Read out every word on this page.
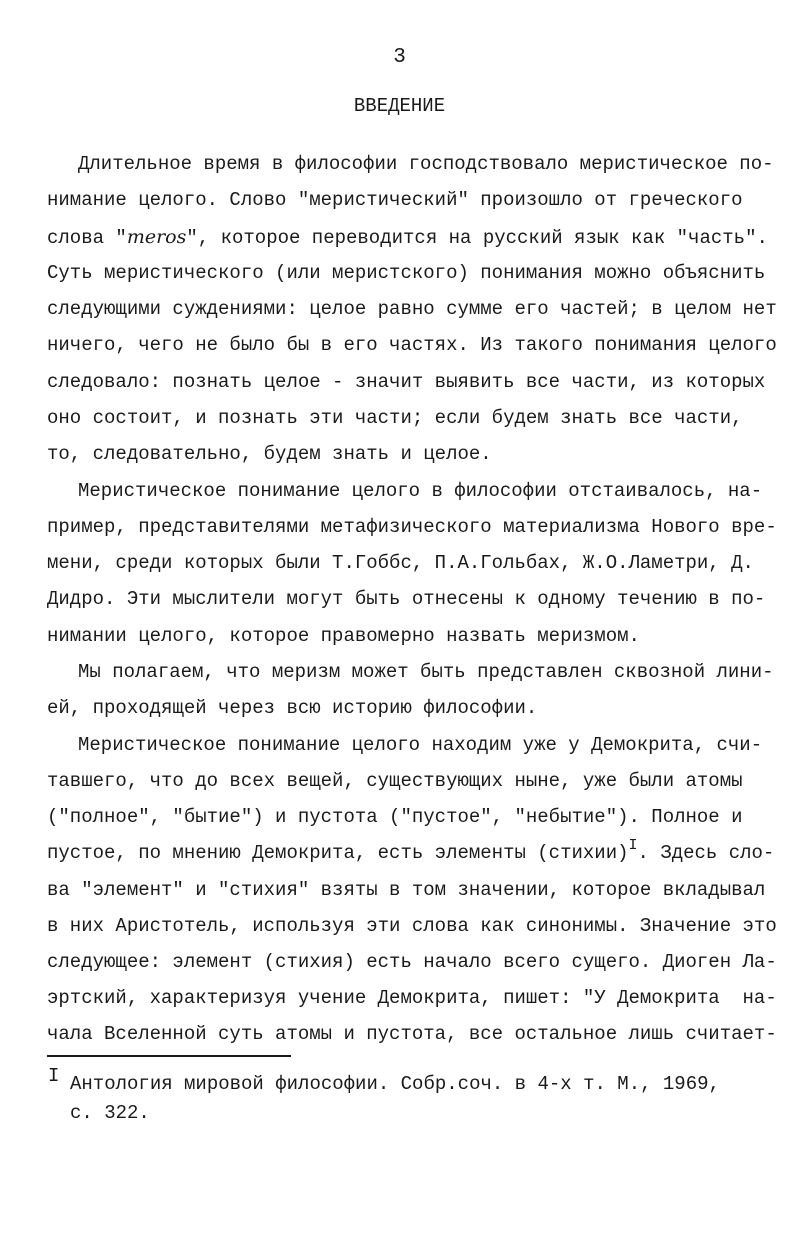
3
ВВЕДЕНИЕ
Длительное время в философии господствовало меристическое по-
нимание целого. Слово "меристический" произошло от греческого
слова "meros", которое переводится на русский язык как "часть".
Суть меристического (или меристского) понимания можно объяснить
следующими суждениями: целое равно сумме его частей; в целом нет
ничего, чего не было бы в его частях. Из такого понимания целого
следовало: познать целое - значит выявить все части, из которых
оно состоит, и познать эти части; если будем знать все части,
то, следовательно, будем знать и целое.
Меристическое понимание целого в философии отстаивалось, на-
пример, представителями метафизического материализма Нового вре-
мени, среди которых были Т.Гоббс, П.А.Гольбах, Ж.О.Ламетри, Д.
Дидро. Эти мыслители могут быть отнесены к одному течению в по-
нимании целого, которое правомерно назвать меризмом.
Мы полагаем, что меризм может быть представлен сквозной лини-
ей, проходящей через всю историю философии.
Меристическое понимание целого находим уже у Демокрита, счи-
тавшего, что до всех вещей, существующих ныне, уже были атомы
("полное", "бытие") и пустота ("пустое", "небытие"). Полное и
пустое, по мнению Демокрита, есть элементы (стихии)$^I$. Здесь сло-
ва "элемент" и "стихия" взяты в том значении, которое вкладывал
в них Аристотель, используя эти слова как синонимы. Значение это
следующее: элемент (стихия) есть начало всего сущего. Диоген Ла-
эртский, характеризуя учение Демокрита, пишет: "У Демокрита  на-
чала Вселенной суть атомы и пустота, все остальное лишь считает-
I Антология мировой философии. Собр.соч. в 4-х т. М., 1969,
с. 322.
